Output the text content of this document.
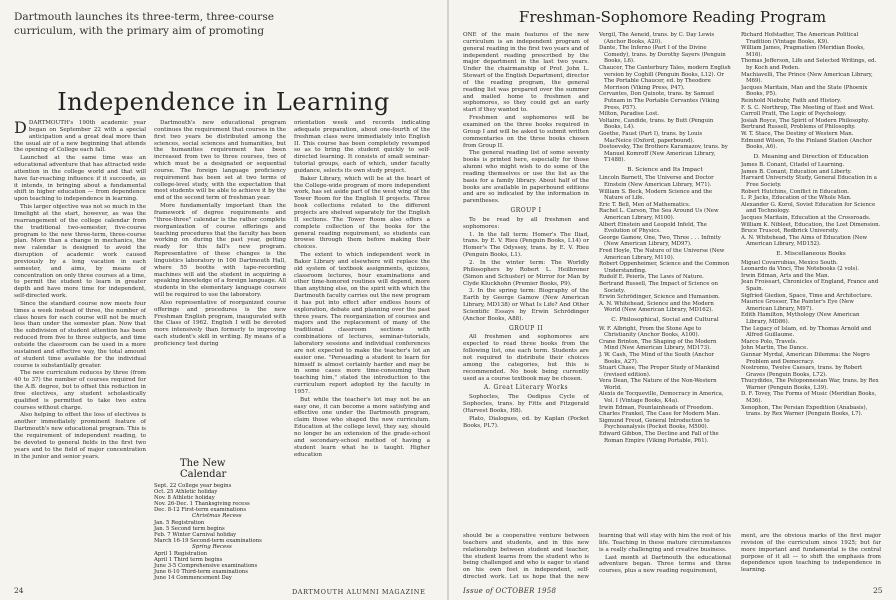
Dartmouth launches its three-term, three-course curriculum, with the primary aim of promoting
Independence in Learning

DDARTMOUTH's 190th academic year began on September 22 with a special anticipation and a great deal more than the usual air of a new beginning that attends the opening of College each fall.

Launched at the same time was an educational adventure that has attracted wide attention in the college world and that will have far-reaching influence if it succeeds, as it intends, in bringing about a fundamental shift in higher education — from dependence upon teaching to independence in learning.

This larger objective was not so much in the limelight at the start, however, as was the rearrangement of the college calendar from the traditional two-semester, five-course program to the new three-term, three-course plan. More than a change in mechanics, the new calendar is designed to avoid the disruption of academic work caused previously by a long vacation in each semester, and aims, by means of concentration on only three courses at a time, to permit the student to learn in greater depth and have more time for independent, self-directed work.

Since the standard course now meets four times a week instead of three, the number of class hours for each course will not be much less than under the semester plan. Now that the subdivision of student attention has been reduced from five to three subjects, and time outside the classroom can be used in a more sustained and effective way, the total amount of student time available for the individual course is substantially greater.

The new curriculum reduces by three (from 40 to 37) the number of courses required for the A.B. degree, but to offset this reduction in free electives, any student scholastically qualified is permitted to take two extra courses without charge.

Also helping to offset the loss of electives is another immediately prominent feature of Dartmouth's new educational program. This is the requirement of independent reading, to be devoted to general fields in the first two years and to the field of major concentration in the junior and senior years.

Dartmouth's new educational program continues the requirement that courses in the first two years be distributed among the sciences, social sciences and humanities, but the humanities requirement has been increased from two to three courses, two of which must be a designated or sequential course. The foreign language proficiency requirement has been set at two terms of college-level study, with the expectation that most students will be able to achieve it by the end of the second term of freshman year.

More fundamentally important than the framework of degree requirements and "three-three" calendar is the rather complete reorganization of course offerings and teaching procedures that the faculty has been working on during the past year, getting ready for this fall's new program. Representative of these changes is the linguistics laboratory in 106 Dartmouth Hall, where 55 booths with tape-recording machines will aid the student in acquiring a speaking knowledge of a foreign language. All students in the elementary language courses will be required to use the laboratory.

Also representative of reorganized course offerings and procedures is the new Freshman English program, inaugurated with the Class of 1962. English I will be devoted more intensively than formerly to improving each student's skill in writing. By means of a proficiency test during

The New Calendar
Sept. 22 College year begins
Oct. 25 Athletic holiday
Nov. 8 Athletic holiday
Nov. 26-Dec. 1 Thanksgiving recess
Dec. 8-12 First-term examinations
Christmas Recess
Jan. 5 Registration
Jan. 5 Second term begins
Feb. 7 Winter Carnival holiday
March 16-19 Second-term examinations
Spring Recess
April 1 Registration
April 1 Third term begins
June 3-5 Comprehensive examinations
June 6-10 Third-term examinations
June 14 Commencement Day

orientation week and records indicating adequate preparation, about one-fourth of the freshman class were immediately into English II. This course has been completely revamped so as to bring the student quickly to self-directed learning. It consists of small seminar-tutorial groups, each of which, under faculty guidance, selects its own study project.

Baker Library, which will be at the heart of the College-wide program of more independent work, has set aside part of the west wing of the Tower Room for the English II projects. Three book collections related to the different projects are shelved separately for the English II sections. The Tower Room also offers a complete collection of the books for the general reading requirement, so students can browse through them before making their choices.

The extent to which independent work in Baker Library and elsewhere will replace the old system of textbook assignments, quizzes, classroom lectures, hour examinations and other time-honored routines will depend, more than anything else, on the spirit with which the Dartmouth faculty carries out the new program it has put into effect after endless hours of exploration, debate and planning over the past three years. The reorganization of courses and majors and the replacement of many of the traditional classroom sections with combinations of lectures, seminar-tutorials, laboratory sessions and individual conferences are not expected to make the teacher's lot an easier one. "Persuading a student to learn for himself is almost certainly harder and may be in some cases more time-consuming than teaching him," stated the introduction to the curriculum report adopted by the faculty in 1957.

But while the teacher's lot may not be an easy one, it can become a more satisfying and effective one under the Dartmouth program, claim those who shaped the new curriculum. Education at the college level, they say, should no longer be an extension of the grade-school and secondary-school method of having a student learn what he is taught. Higher education

24	DARTMOUTH ALUMNI MAGAZINE
Freshman-Sophomore Reading Program

ONE of the main features of the new curriculum is an independent program of general reading in the first two years and of independent reading prescribed by the major department in the last two years. Under the chairmanship of Prof. John L. Stewart of the English Department, director of the reading program, the general reading list was prepared over the summer and mailed home to freshmen and sophomores, so they could get an early start if they wanted to.

Freshmen and sophomores will be examined on the three books required in Group I and will be asked to submit written commentaries on the three books chosen from Group II.

The general reading list of some seventy books is printed here, especially for those alumni who might wish to do some of the reading themselves or use the list as the basis for a family library. About half of the books are available in paperbound editions and are so indicated by the information in parentheses.

GROUP I

To be read by all freshmen and sophomores:

1. In the fall term: Homer's The Iliad, trans. by E. V. Rieu (Penguin Books, L14) or Homer's The Odyssey, trans. by E. V. Rieu (Penguin Books, L1).

2. In the winter term: The Worldly Philosophers by Robert L. Heilbroner (Simon and Schuster) or Mirror for Man by Clyde Kluckhohn (Premier Books, P9).

3. In the spring term: Biography of the Earth by George Gamow (New American Library, MD138) or What Is Life? And Other Scientific Essays by Erwin Schrödinger (Anchor Books, A88).

GROUP II

All freshmen and sophomores are expected to read three books from the following list, one each term. Students are not required to distribute their choices among the categories, but this is recommended. No book being currently used as a course textbook may be chosen.

A. Great Literary Works

Sophocles, The Oedipus Cycle of Sophocles, trans. by Fitts and Fitzgerald (Harvest Books, H8).

Plato, Dialogues, ed. by Kaplan (Pocket Books, PL7).

Vergil, The Aeneid, trans. by C. Day Lewis (Anchor Books, A20).

Dante, The Inferno (Part I of the Divine Comedy), trans. by Dorothy Sayers (Penguin Books, L6).

Chaucer, The Canterbury Tales, modern English version by Coghill (Penguin Books, L12). Or The Portable Chaucer, ed. by Theodore Morrison (Viking Press, P47).

Cervantes, Don Quixote, trans. by Samuel Putnam in The Portable Cervantes (Viking Press, P57).

Milton, Paradise Lost.

Voltaire, Candide, trans. by Butt (Penguin Books, L4).

Goethe, Faust (Part I), trans. by Louis MacNeice (Oxford, paperbound).

Dostoevsky, The Brothers Karamazov, trans. by Manuel Komroff (New American Library, T1488).

B. Science and Its Impact

Lincoln Barnett, The Universe and Doctor Einstein (New American Library, M71).

William S. Beck, Modern Science and the Nature of Life.

Eric T. Bell, Men of Mathematics.

Rachel L. Carson, The Sea Around Us (New American Library, M100).

Albert Einstein and Leopold Infeld, The Evolution of Physics.

George Gamow, One, Two, Three . . . Infinity (New American Library, MD97).

Fred Hoyle, The Nature of the Universe (New American Library, M110).

Robert Oppenheimer, Science and the Common Understanding.

Rudolf E. Peierls, The Laws of Nature.

Bertrand Russell, The Impact of Science on Society.

Erwin Schrödinger, Science and Humanism.

A. N. Whitehead, Science and the Modern World (New American Library, MD162).

C. Philosophical, Social and Cultural

W. F. Albright, From the Stone Age to Christianity (Anchor Books, A100).

Crane Brinton, The Shaping of the Modern Mind (New American Library, MD173).

J. W. Cash, The Mind of the South (Anchor Books, A27).

Stuart Chase, The Proper Study of Mankind (revised edition).

Vera Dean, The Nature of the Non-Western World.

Alexis de Tocqueville, Democracy in America, Vol. I (Vintage Books, K4a).

Irwin Edman, Fountainheads of Freedom.

Charles Frankel, The Case for Modern Man.

Sigmund Freud, General Introduction to Psychoanalysis (Pocket Books, M500).

Edward Gibbon, The Decline and Fall of the Roman Empire (Viking Portable, P61).

Richard Hofstadter, The American Political Tradition (Vintage Books, K9).

William James, Pragmatism (Meridian Books, M16).

Thomas Jefferson, Life and Selected Writings, ed. by Koch and Peden.

Machiavelli, The Prince (New American Library, M69).

Jacques Maritain, Man and the State (Phoenix Books, P5).

Reinhold Niebuhr, Faith and History.

F. S. C. Northrop, The Meeting of East and West.

Carroll Pratt, The Logic of Psychology.

Josiah Royce, The Spirit of Modern Philosophy.

Bertrand Russell, Problems of Philosophy.

W. T. Stace, The Destiny of Western Man.

Edmund Wilson, To the Finland Station (Anchor Books, A6).

D. Meaning and Direction of Education

James B. Conant, Citadel of Learning.

James B. Conant, Education and Liberty.

Harvard University Study, General Education in a Free Society.

Robert Hutchins, Conflict in Education.

L. P. Jacks, Education of the Whole Man.

Alexander G. Korol, Soviet Education for Science and Technology.

Jacques Maritain, Education at the Crossroads.

William K. Nibleet, Education, the Lost Dimension.

Bruce Truscot, Redbrick University.

A. N. Whitehead, The Aims of Education (New American Library, MD152).

E. Miscellaneous Books

Miguel Covarrubias, Mexico South.

Leonardo da Vinci, The Notebooks (2 vols).

Irwin Edman, Arts and the Man.

Jean Froissart, Chronicles of England, France and Spain.

Sigfried Giedion, Space, Time and Architecture.

Maurice Grosser, The Painter's Eye (New American Library, M97).

Edith Hamilton, Mythology (New American Library, MD86).

The Legacy of Islam, ed. by Thomas Arnold and Alfred Guillaume.

Marco Polo, Travels.

John Martin, The Dance.

Gunnar Myrdal, American Dilemma: the Negro Problem and Democracy.

Nostromo, Twelve Caesars, trans. by Robert Graves (Penguin Books, L72).

Thucydides, The Peloponnesian War, trans. by Rex Warner (Penguin Books, L39).

D. F. Tovey, The Forms of Music (Meridian Books, M36).

Xenophon, The Persian Expedition (Anabasis), trans. by Rex Warner (Penguin Books, L7).

should be a cooperative venture between teachers and students, and in this new relationship between student and teacher, the student learns from the student who is being challenged and who is eager to stand on his own feet in independent, self-directed work. Let us hope that the new

learning that will stay with him the rest of his life. Teaching in these mature circumstances is a really challenging and creative business.

Last month at Dartmouth the educational adventure began. Three terms and three courses, plus a new reading requirement,

ment, are the obvious marks of the first major revision of the curriculum since 1925; but far more important and fundamental is the central purpose of it all — to shift the emphasis from dependence upon teaching to independence in learning.

Issue of OCTOBER 1958	25
